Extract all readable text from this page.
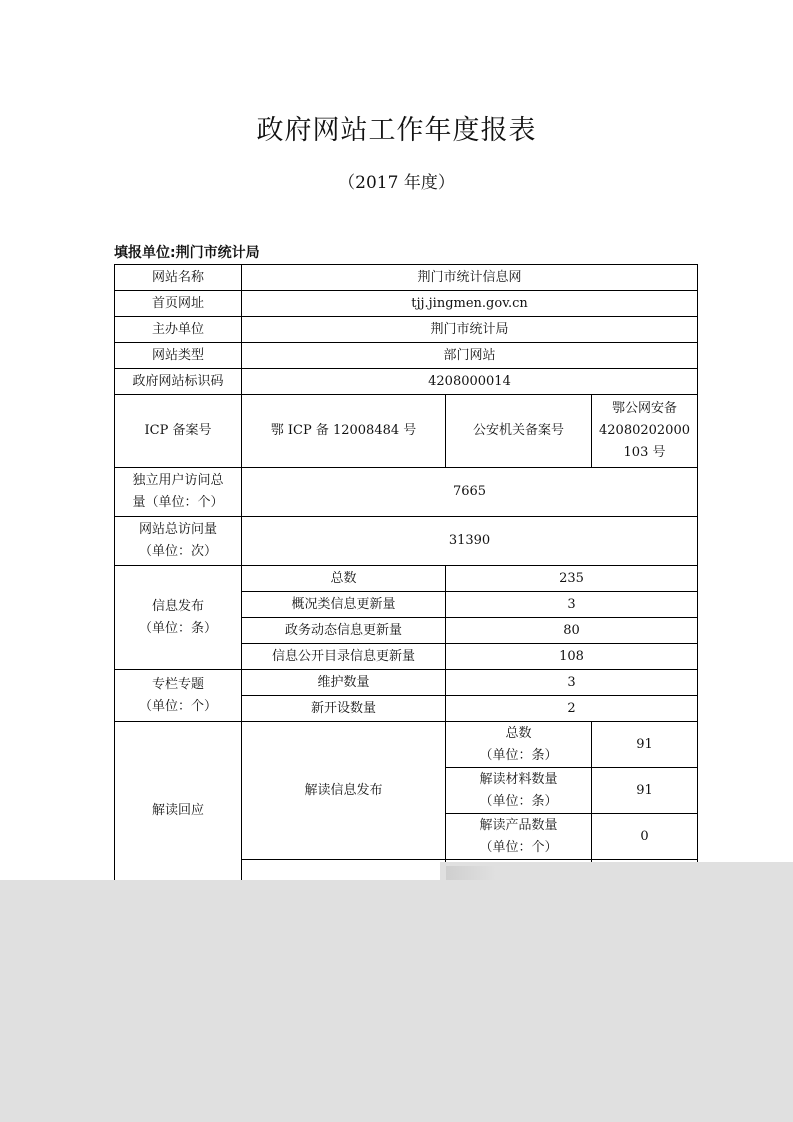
政府网站工作年度报表
（2017 年度）
填报单位:荆门市统计局
网站名称	荆门市统计信息网		
首页网址	tjj.jingmen.gov.cn		
主办单位	荆门市统计局		
网站类型	部门网站		
政府网站标识码	4208000014		
ICP 备案号	鄂 ICP 备 12008484 号	公安机关备案号	鄂公网安备
42080202000
103 号

独立用户访问总
量（单位：个）	7665		

网站总访问量
（单位：次）	31390		

信息发布
（单位：条）	总数	235	
	概况类信息更新量	3	
	政务动态信息更新量	80	
	信息公开目录信息更新量	108	

专栏专题
（单位：个）	维护数量	3	
	新开设数量	2	
解读回应	解读信息发布	总数
（单位：条）	91

		解读材料数量
（单位：条）	91

		解读产品数量
（单位：个）	0
